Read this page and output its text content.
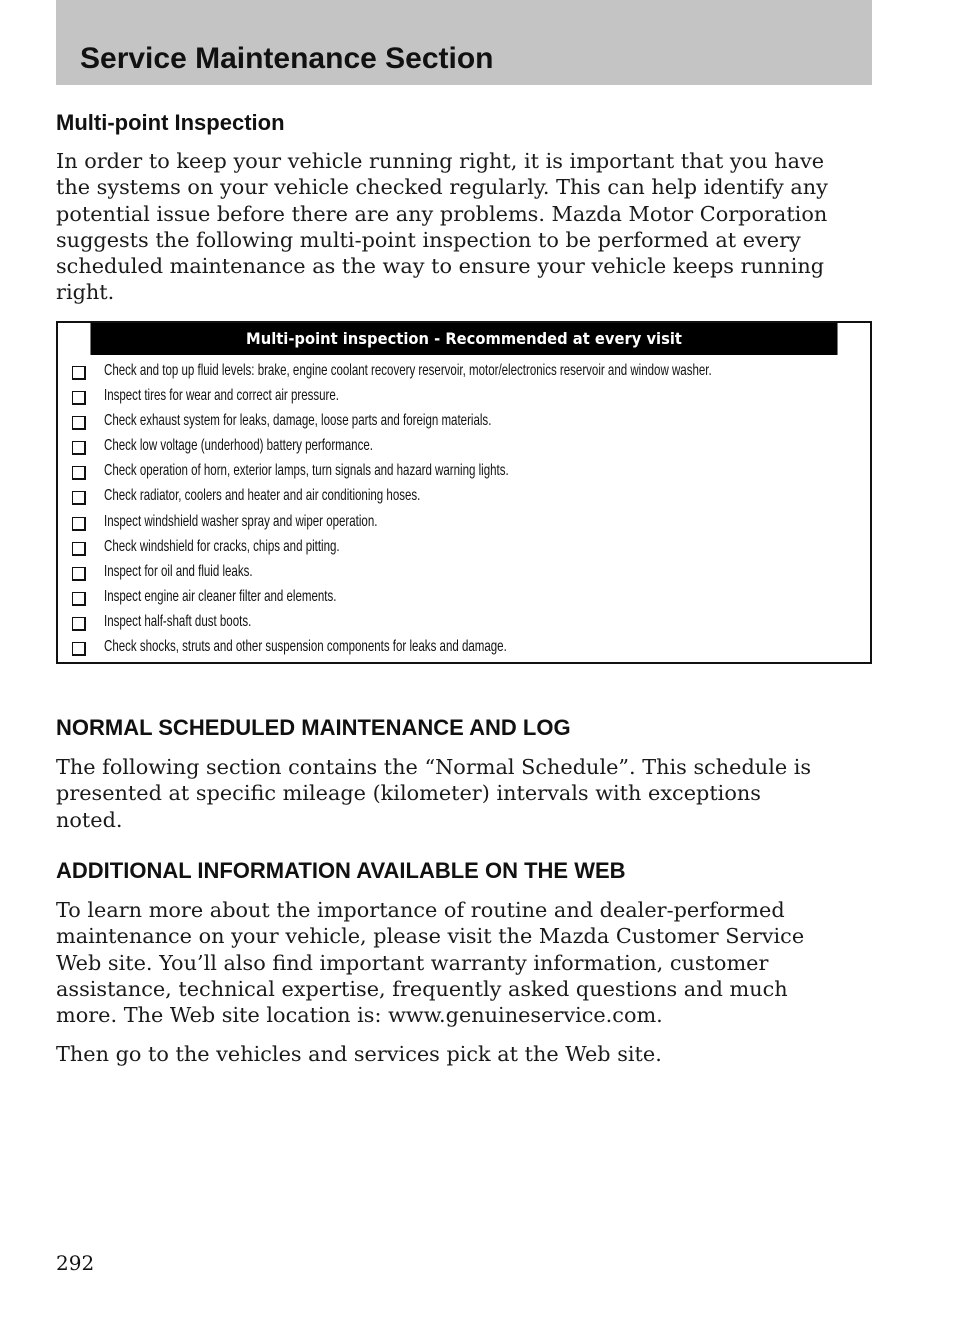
Service Maintenance Section
Multi-point Inspection
In order to keep your vehicle running right, it is important that you have
the systems on your vehicle checked regularly. This can help identify any
potential issue before there are any problems. Mazda Motor Corporation
suggests the following multi-point inspection to be performed at every
scheduled maintenance as the way to ensure your vehicle keeps running
right.
Multi-point inspection - Recommended at every visit
Check and top up fluid levels: brake, engine coolant recovery reservoir, motor/electronics reservoir and window washer.
Inspect tires for wear and correct air pressure.
Check exhaust system for leaks, damage, loose parts and foreign materials.
Check low voltage (underhood) battery performance.
Check operation of horn, exterior lamps, turn signals and hazard warning lights.
Check radiator, coolers and heater and air conditioning hoses.
Inspect windshield washer spray and wiper operation.
Check windshield for cracks, chips and pitting.
Inspect for oil and fluid leaks.
Inspect engine air cleaner filter and elements.
Inspect half-shaft dust boots.
Check shocks, struts and other suspension components for leaks and damage.
NORMAL SCHEDULED MAINTENANCE AND LOG
The following section contains the “Normal Schedule”. This schedule is
presented at specific mileage (kilometer) intervals with exceptions
noted.
ADDITIONAL INFORMATION AVAILABLE ON THE WEB
To learn more about the importance of routine and dealer-performed
maintenance on your vehicle, please visit the Mazda Customer Service
Web site. You’ll also find important warranty information, customer
assistance, technical expertise, frequently asked questions and much
more. The Web site location is: www.genuineservice.com.
Then go to the vehicles and services pick at the Web site.
292
